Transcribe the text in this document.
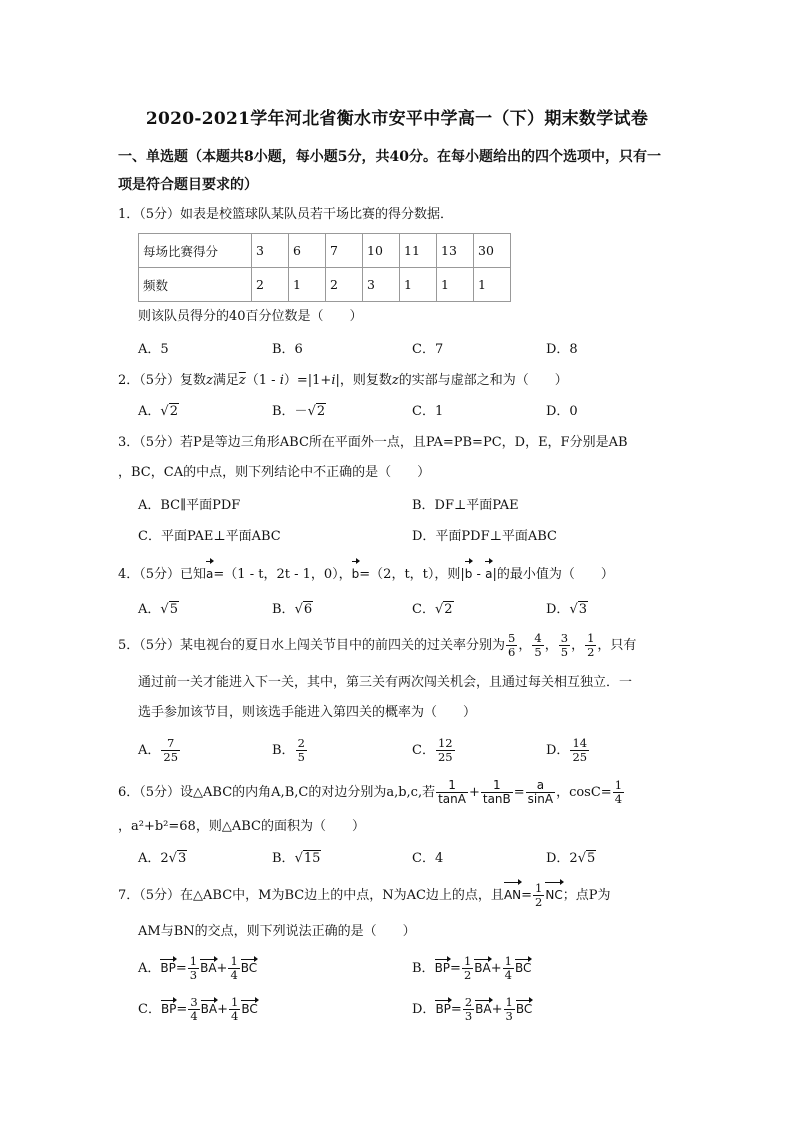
2020-2021学年河北省衡水市安平中学高一（下）期末数学试卷
一、单选题（本题共8小题，每小题5分，共40分。在每小题给出的四个选项中，只有一
项是符合题目要求的）
1．（5分）如表是校篮球队某队员若干场比赛的得分数据．
每场比赛得分	3	6	7	10	11	13	30
频数	2	1	2	3	1	1	1
则该队员得分的40百分位数是（　　）
A．5	B．6	C．7	D．8
2．（5分）复数z满足$\overline{z}(1 - i)=|1+i|$，则复数z的实部与虚部之和为（　　）
A．√2	B．－√2	C．1	D．0
3．（5分）若P是等边三角形ABC所在平面外一点，且PA=PB=PC，D，E，F分别是AB
，BC，CA的中点，则下列结论中不正确的是（　　）
A．BC∥平面PDF	B．DF⊥平面PAE
C．平面PAE⊥平面ABC	D．平面PDF⊥平面ABC
4．（5分）已知a=（1 - t，2t - 1，0），b=（2，t，t），则|b - a|的最小值为（　　）
A．√5	B．√6	C．√2	D．√3
5．（5分）某电视台的夏日水上闯关节目中的前四关的过关率分别为 $\frac{5}{6}$ ， $\frac{4}{5}$ ， $\frac{3}{5}$ ， $\frac{1}{2}$ ，只有
通过前一关才能进入下一关，其中，第三关有两次闯关机会，且通过每关相互独立．一
选手参加该节目，则该选手能进入第四关的概率为（　　）
A． $\frac{7}{25}$	B． $\frac{2}{5}$	C． $\frac{12}{25}$	D． $\frac{14}{25}$
6．（5分）设△ABC的内角A,B,C的对边分别为a,b,c,若 $\frac{1}{\tan A} + \frac{1}{\tan B} = \frac{a}{\sin A}$ ，$\cos C= \frac{1}{4}$
，a²+b²=68，则△ABC的面积为（　　）
A．2√3	B．√15	C．4	D．2√5
7．（5分）在△ABC中，M为BC边上的中点，N为AC边上的点，且$AN= \frac{1}{2}$ NC；点P为
AM与BN的交点，则下列说法正确的是（　　）
A．$BP= \frac{1}{3} BA+ \frac{1}{4}$ BC	B．$BP= \frac{1}{2} BA+ \frac{1}{4}$ BC
C．$BP= \frac{3}{4} BA+ \frac{1}{4}$ BC	D．$BP= \frac{2}{3} BA+ \frac{1}{3}$ BC
